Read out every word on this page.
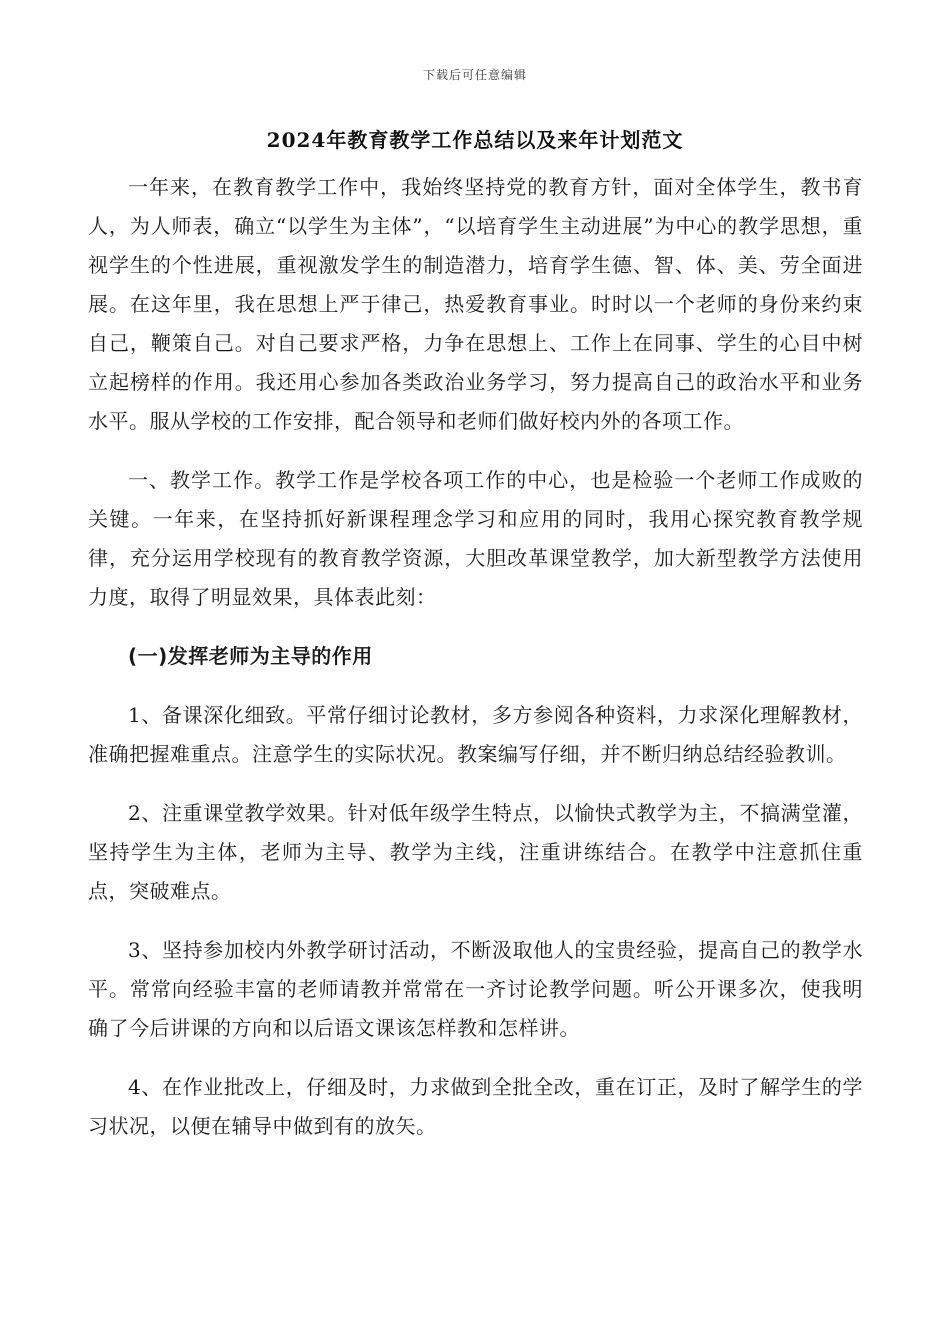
下载后可任意编辑
2024年教育教学工作总结以及来年计划范文

一年来，在教育教学工作中，我始终坚持党的教育方针，面对全体学生，教书育人，为人师表，确立“以学生为主体”，“以培育学生主动进展”为中心的教学思想，重视学生的个性进展，重视激发学生的制造潜力，培育学生德、智、体、美、劳全面进展。在这年里，我在思想上严于律己，热爱教育事业。时时以一个老师的身份来约束自己，鞭策自己。对自己要求严格，力争在思想上、工作上在同事、学生的心目中树立起榜样的作用。我还用心参加各类政治业务学习，努力提高自己的政治水平和业务水平。服从学校的工作安排，配合领导和老师们做好校内外的各项工作。

一、教学工作。教学工作是学校各项工作的中心，也是检验一个老师工作成败的关键。一年来，在坚持抓好新课程理念学习和应用的同时，我用心探究教育教学规律，充分运用学校现有的教育教学资源，大胆改革课堂教学，加大新型教学方法使用力度，取得了明显效果，具体表此刻：

(一)发挥老师为主导的作用

1、备课深化细致。平常仔细讨论教材，多方参阅各种资料，力求深化理解教材，准确把握难重点。注意学生的实际状况。教案编写仔细，并不断归纳总结经验教训。

2、注重课堂教学效果。针对低年级学生特点，以愉快式教学为主，不搞满堂灌，坚持学生为主体，老师为主导、教学为主线，注重讲练结合。在教学中注意抓住重点，突破难点。

3、坚持参加校内外教学研讨活动，不断汲取他人的宝贵经验，提高自己的教学水平。常常向经验丰富的老师请教并常常在一齐讨论教学问题。听公开课多次，使我明确了今后讲课的方向和以后语文课该怎样教和怎样讲。

4、在作业批改上，仔细及时，力求做到全批全改，重在订正，及时了解学生的学习状况，以便在辅导中做到有的放矢。
